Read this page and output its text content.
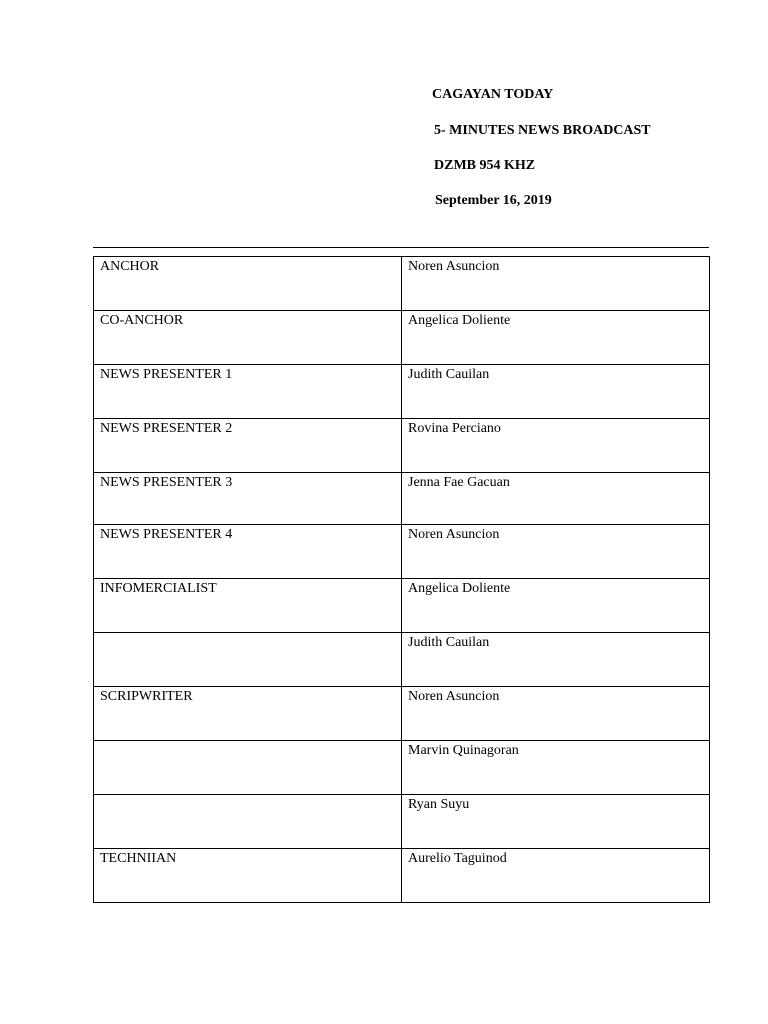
CAGAYAN TODAY

5- MINUTES NEWS BROADCAST

DZMB 954 KHZ

September 16, 2019

ANCHOR	Noren Asuncion
CO-ANCHOR	Angelica Doliente
NEWS PRESENTER 1	Judith Cauilan
NEWS PRESENTER 2	Rovina Perciano
NEWS PRESENTER 3	Jenna Fae Gacuan
NEWS PRESENTER 4	Noren Asuncion
INFOMERCIALIST	Angelica Doliente
	Judith Cauilan
SCRIPWRITER	Noren Asuncion
	Marvin Quinagoran
	Ryan Suyu
TECHNIIAN	Aurelio Taguinod
